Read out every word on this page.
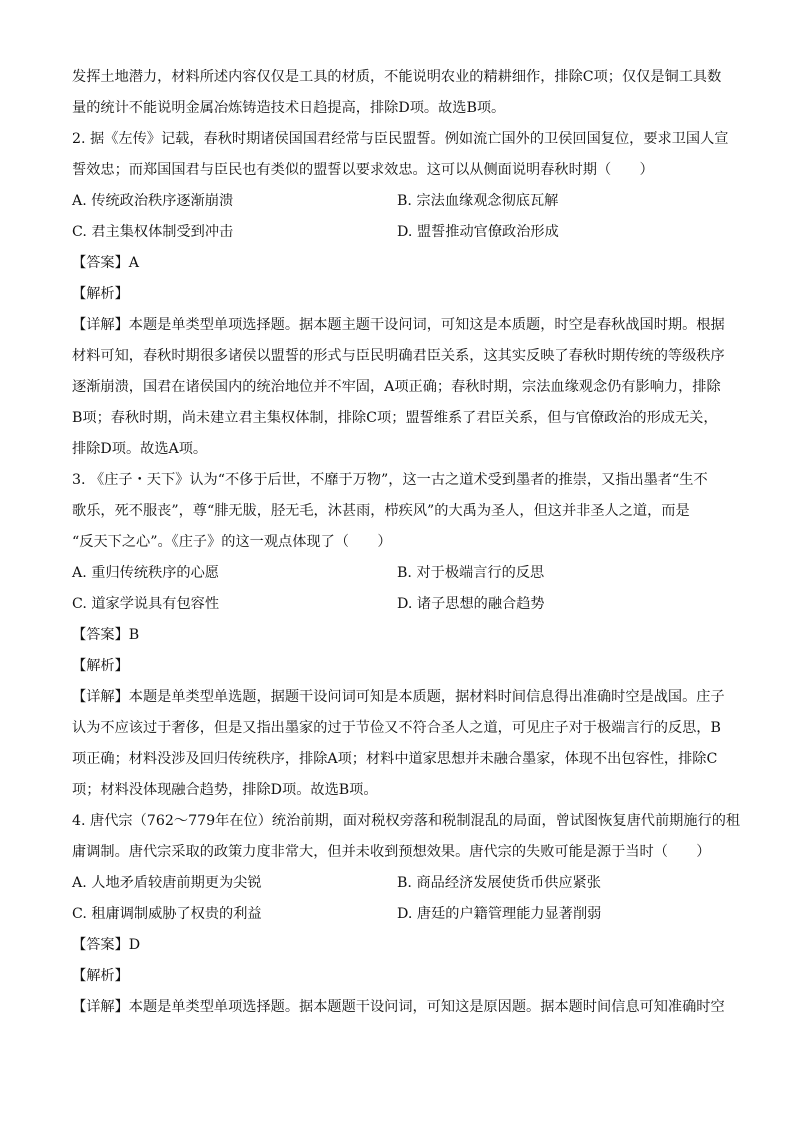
发挥土地潜力，材料所述内容仅仅是工具的材质，不能说明农业的精耕细作，排除C项；仅仅是铜工具数
量的统计不能说明金属冶炼铸造技术日趋提高，排除D项。故选B项。
2. 据《左传》记载，春秋时期诸侯国国君经常与臣民盟誓。例如流亡国外的卫侯回国复位，要求卫国人宣
誓效忠；而郑国国君与臣民也有类似的盟誓以要求效忠。这可以从侧面说明春秋时期（　　）
A. 传统政治秩序逐渐崩溃	B. 宗法血缘观念彻底瓦解
C. 君主集权体制受到冲击	D. 盟誓推动官僚政治形成

【答案】A

【解析】

【详解】本题是单类型单项选择题。据本题主题干设问词，可知这是本质题，时空是春秋战国时期。根据
材料可知，春秋时期很多诸侯以盟誓的形式与臣民明确君臣关系，这其实反映了春秋时期传统的等级秩序
逐渐崩溃，国君在诸侯国内的统治地位并不牢固，A项正确；春秋时期，宗法血缘观念仍有影响力，排除
B项；春秋时期，尚未建立君主集权体制，排除C项；盟誓维系了君臣关系，但与官僚政治的形成无关，
排除D项。故选A项。
3. 《庄子・天下》认为“不侈于后世，不靡于万物”，这一古之道术受到墨者的推崇，又指出墨者“生不
歌乐，死不服丧”，尊“腓无胈，胫无毛，沐甚雨，栉疾风”的大禹为圣人，但这并非圣人之道，而是
“反天下之心”。《庄子》的这一观点体现了（　　）
A. 重归传统秩序的心愿	B. 对于极端言行的反思
C. 道家学说具有包容性	D. 诸子思想的融合趋势

【答案】B

【解析】

【详解】本题是单类型单选题，据题干设问词可知是本质题，据材料时间信息得出准确时空是战国。庄子
认为不应该过于奢侈，但是又指出墨家的过于节俭又不符合圣人之道，可见庄子对于极端言行的反思，B
项正确；材料没涉及回归传统秩序，排除A项；材料中道家思想并未融合墨家，体现不出包容性，排除C
项；材料没体现融合趋势，排除D项。故选B项。
4. 唐代宗（762～779年在位）统治前期，面对税权旁落和税制混乱的局面，曾试图恢复唐代前期施行的租
庸调制。唐代宗采取的政策力度非常大，但并未收到预想效果。唐代宗的失败可能是源于当时（　　）
A. 人地矛盾较唐前期更为尖锐	B. 商品经济发展使货币供应紧张
C. 租庸调制威胁了权贵的利益	D. 唐廷的户籍管理能力显著削弱

【答案】D

【解析】

【详解】本题是单类型单项选择题。据本题题干设问词，可知这是原因题。据本题时间信息可知准确时空
